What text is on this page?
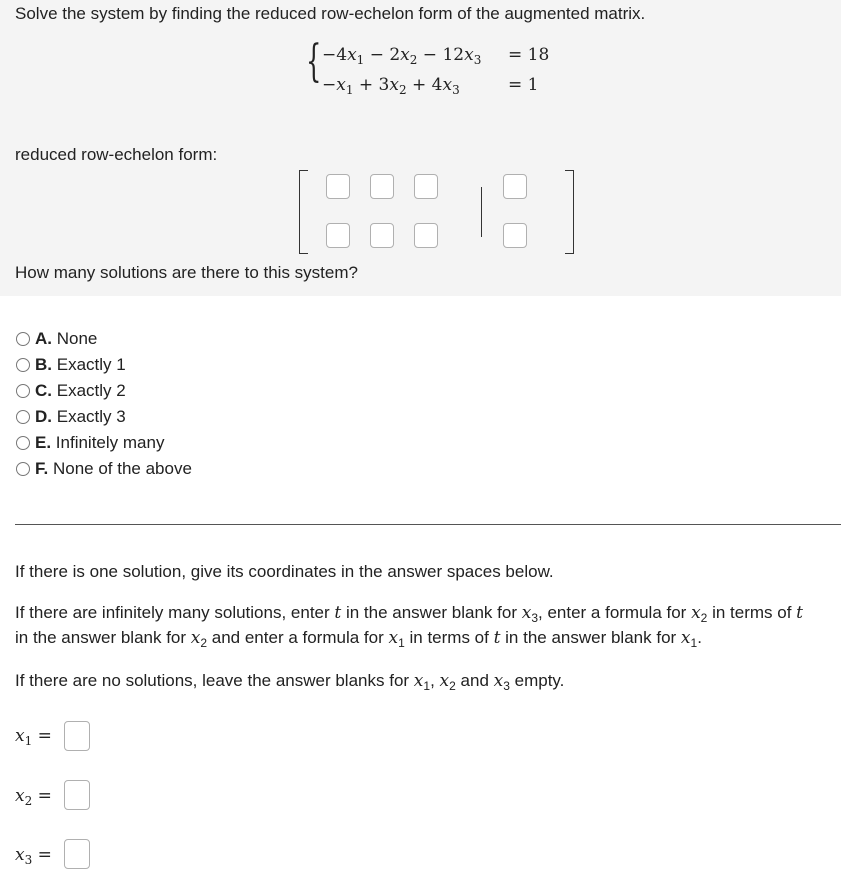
Solve the system by finding the reduced row-echelon form of the augmented matrix.
{ $-4x_1 - 2x_2 - 12x_3 = 18$
$-x_1 + 3x_2 + 4x_3$	= 1
reduced row-echelon form:
How many solutions are there to this system?
A. None
B. Exactly 1
C. Exactly 2
D. Exactly 3
E. Infinitely many
F. None of the above
If there is one solution, give its coordinates in the answer spaces below.
If there are infinitely many solutions, enter t in the answer blank for $x_3$, enter a formula for $x_2$ in terms of t
in the answer blank for $x_2$ and enter a formula for $x_1$ in terms of t in the answer blank for $x_1$.
If there are no solutions, leave the answer blanks for $x_1$, $x_2$ and $x_3$ empty.
$x_1$ =
$x_2$ =
$x_3$ =
